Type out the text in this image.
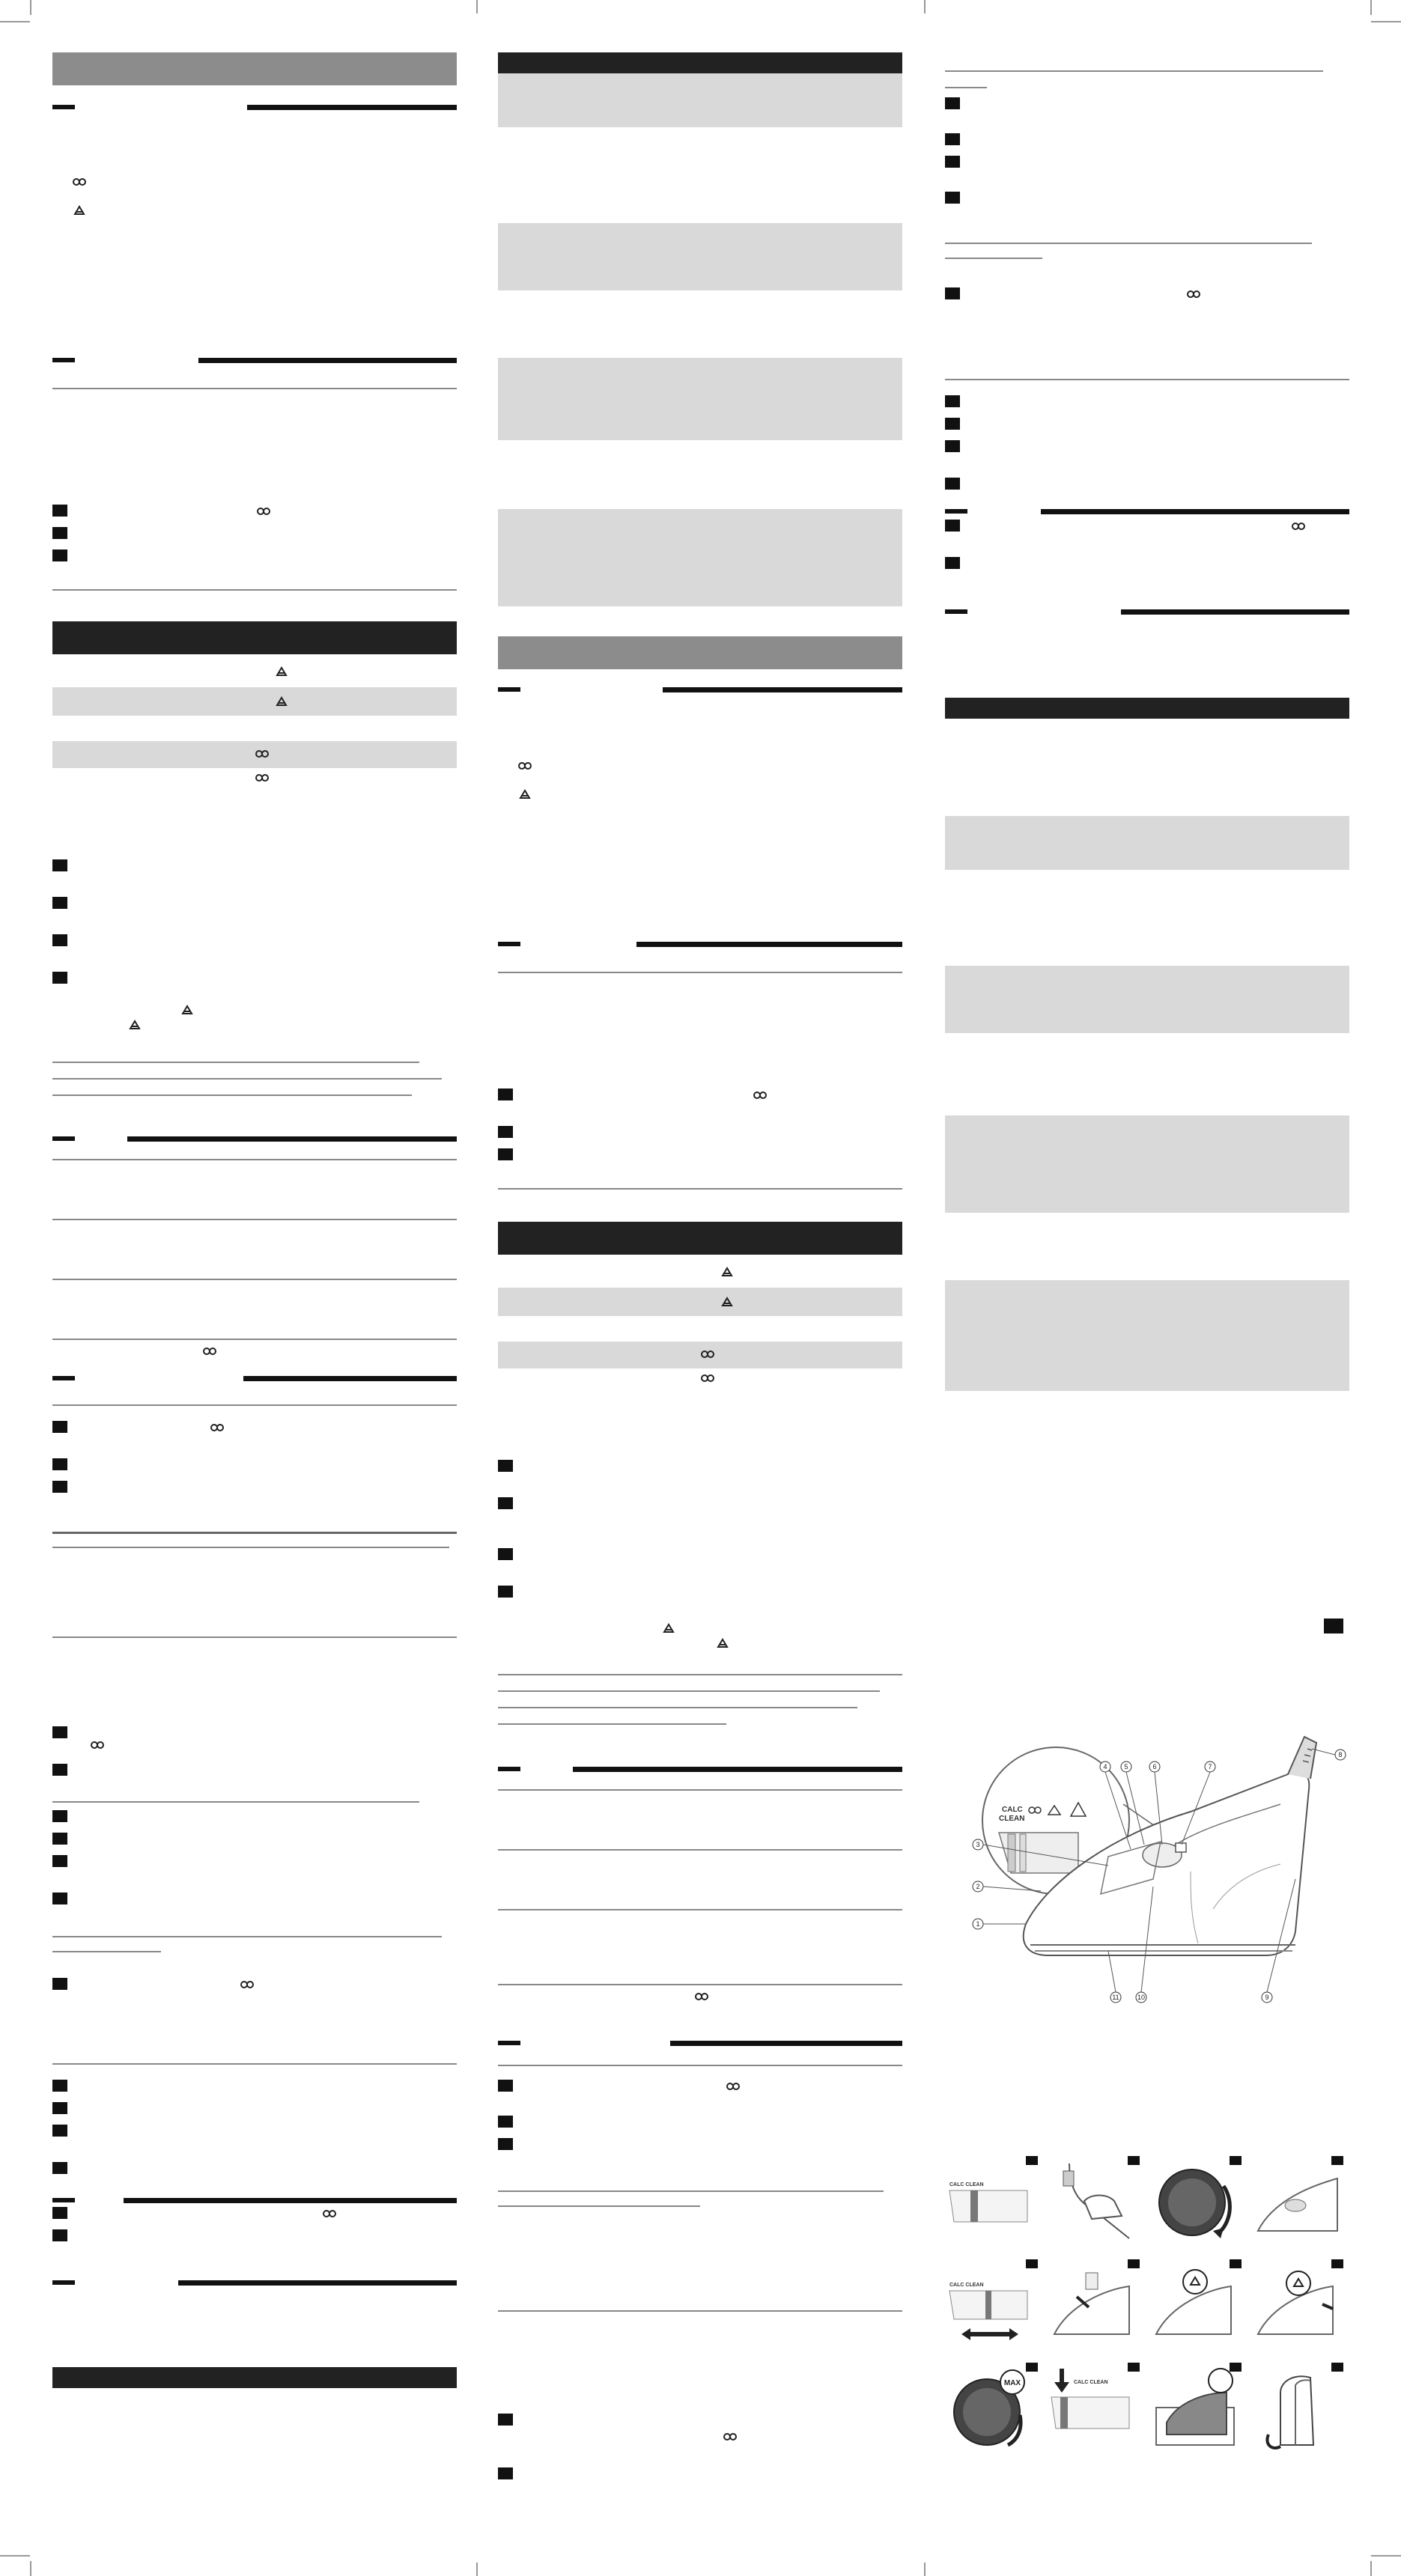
CALC
CLEAN
1
2
3
4	5	6	7
8
9
10
11
CALC CLEAN
CALC CLEAN
MAX	CALC CLEAN
